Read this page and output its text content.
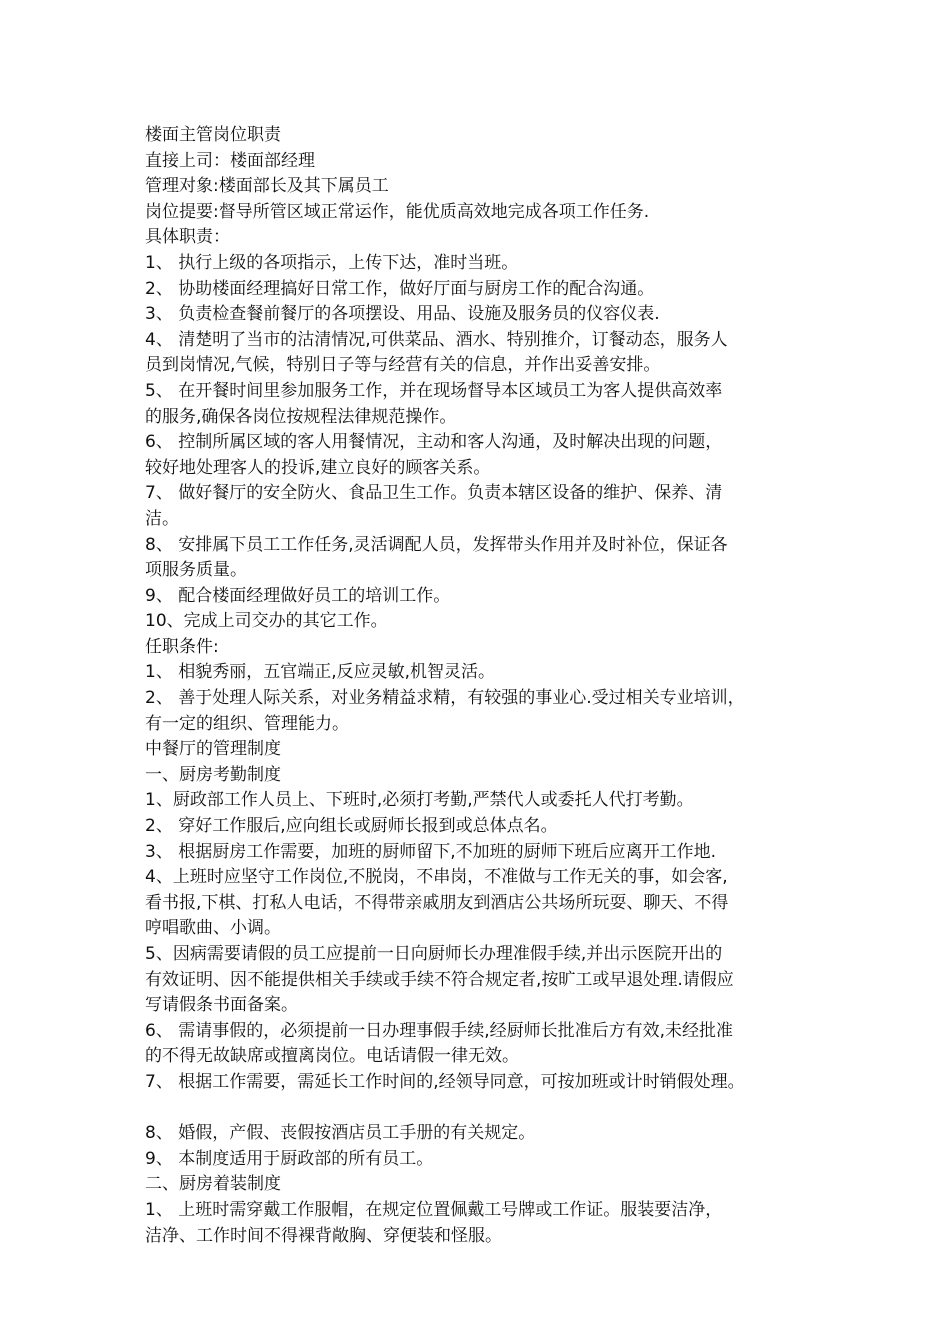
楼面主管岗位职责
直接上司：楼面部经理
管理对象:楼面部长及其下属员工
岗位提要:督导所管区域正常运作，能优质高效地完成各项工作任务.
具体职责：
1、 执行上级的各项指示，上传下达，准时当班。
2、 协助楼面经理搞好日常工作，做好厅面与厨房工作的配合沟通。
3、 负责检查餐前餐厅的各项摆设、用品、设施及服务员的仪容仪表.
4、 清楚明了当市的沽清情况,可供菜品、酒水、特别推介，订餐动态，服务人
员到岗情况,气候，特别日子等与经营有关的信息，并作出妥善安排。
5、 在开餐时间里参加服务工作，并在现场督导本区域员工为客人提供高效率
的服务,确保各岗位按规程法律规范操作。
6、 控制所属区域的客人用餐情况，主动和客人沟通，及时解决出现的问题，
较好地处理客人的投诉,建立良好的顾客关系。
7、 做好餐厅的安全防火、食品卫生工作。负责本辖区设备的维护、保养、清
洁。
8、 安排属下员工工作任务,灵活调配人员，发挥带头作用并及时补位，保证各
项服务质量。
9、 配合楼面经理做好员工的培训工作。
10、完成上司交办的其它工作。
任职条件:
1、 相貌秀丽，五官端正,反应灵敏,机智灵活。
2、 善于处理人际关系，对业务精益求精，有较强的事业心.受过相关专业培训，
有一定的组织、管理能力。
中餐厅的管理制度
一、厨房考勤制度
1、厨政部工作人员上、下班时,必须打考勤,严禁代人或委托人代打考勤。
2、 穿好工作服后,应向组长或厨师长报到或总体点名。
3、 根据厨房工作需要，加班的厨师留下,不加班的厨师下班后应离开工作地.
4、上班时应坚守工作岗位,不脱岗，不串岗，不准做与工作无关的事，如会客,
看书报,下棋、打私人电话，不得带亲戚朋友到酒店公共场所玩耍、聊天、不得
哼唱歌曲、小调。
5、因病需要请假的员工应提前一日向厨师长办理准假手续,并出示医院开出的
有效证明、因不能提供相关手续或手续不符合规定者,按旷工或早退处理.请假应
写请假条书面备案。
6、 需请事假的，必须提前一日办理事假手续,经厨师长批准后方有效,未经批准
的不得无故缺席或擅离岗位。电话请假一律无效。
7、 根据工作需要，需延长工作时间的,经领导同意，可按加班或计时销假处理。
8、 婚假，产假、丧假按酒店员工手册的有关规定。
9、 本制度适用于厨政部的所有员工。
二、厨房着装制度
1、 上班时需穿戴工作服帽，在规定位置佩戴工号牌或工作证。服装要洁净，
洁净、工作时间不得裸背敞胸、穿便装和怪服。
